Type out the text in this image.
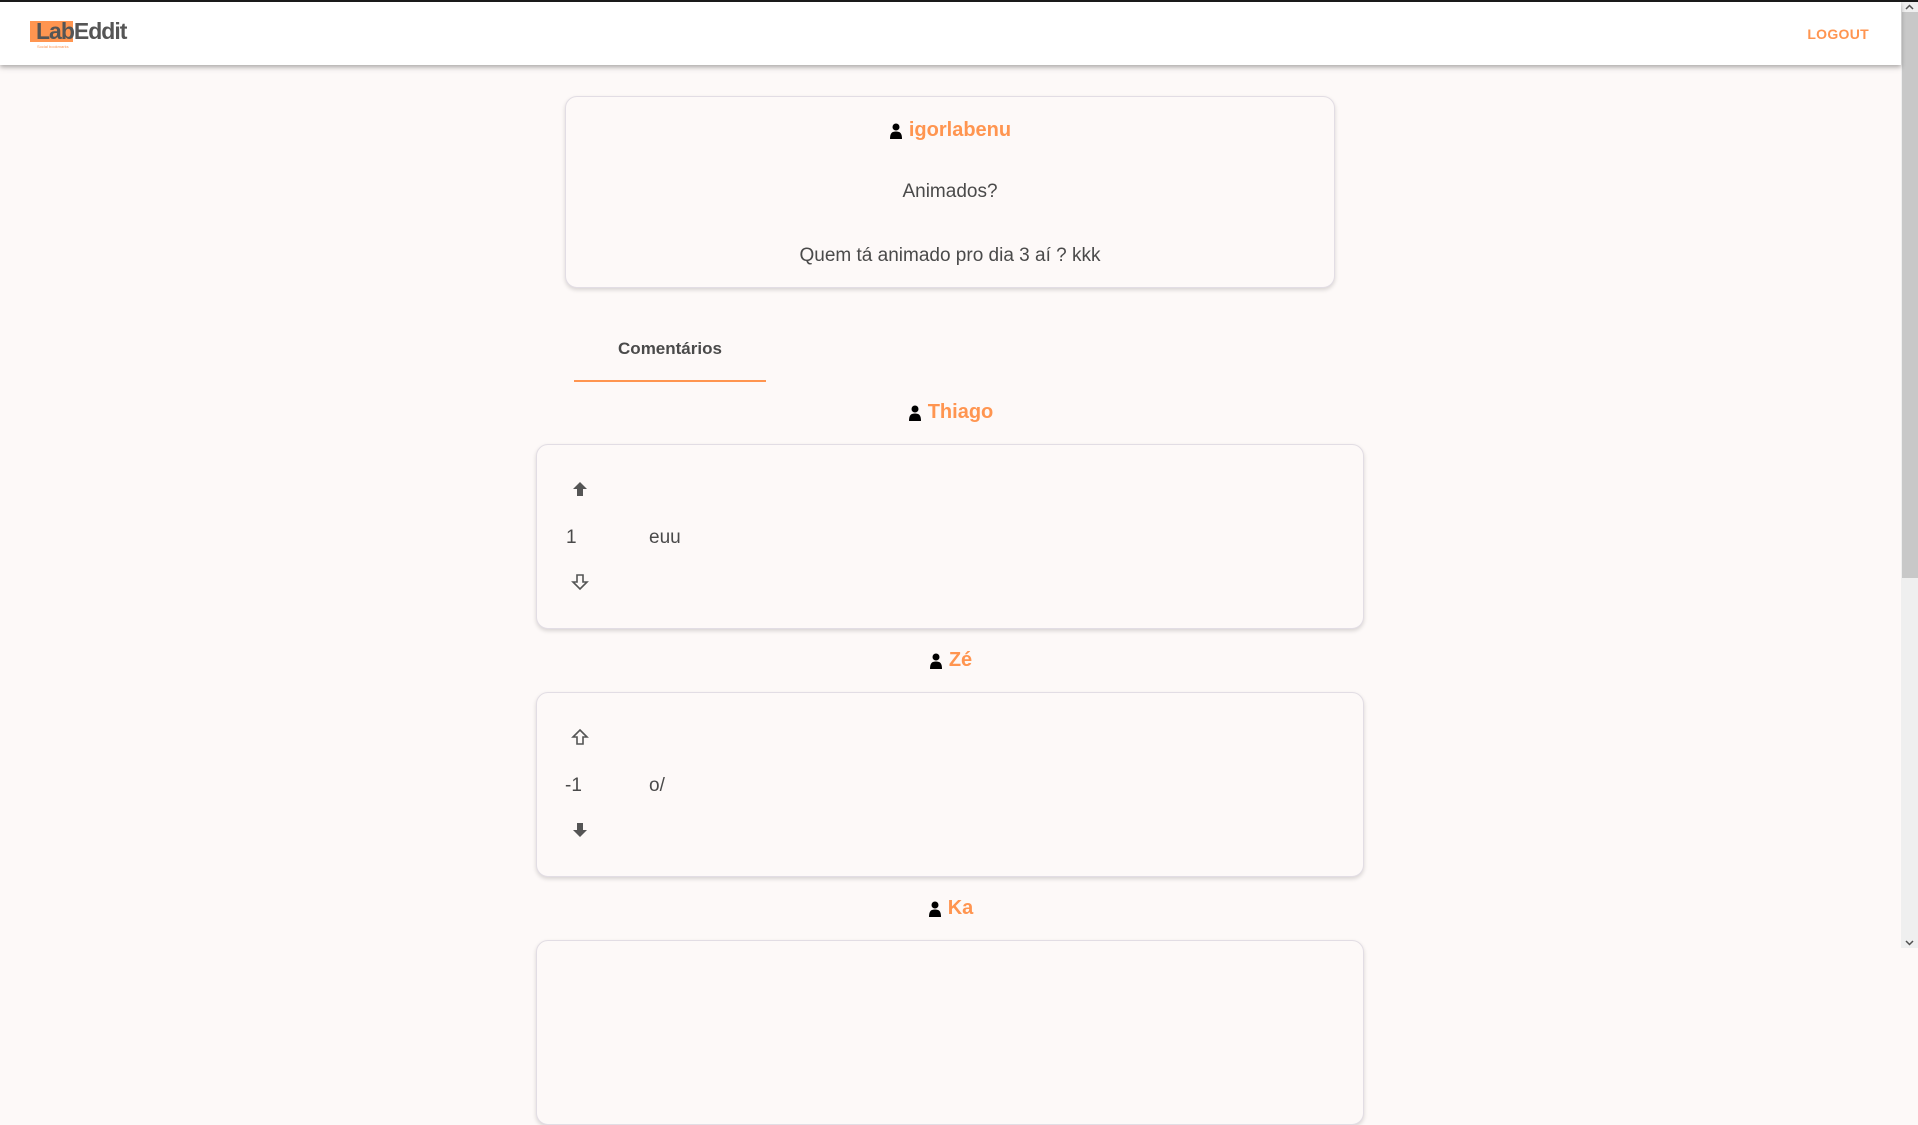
LabEddit
Social bookmarks
LOGOUT
igorlabenu
Animados?
Quem tá animado pro dia 3 aí ? kkk
Comentários
Thiago
1	euu
Zé
-1	o/
Ka
